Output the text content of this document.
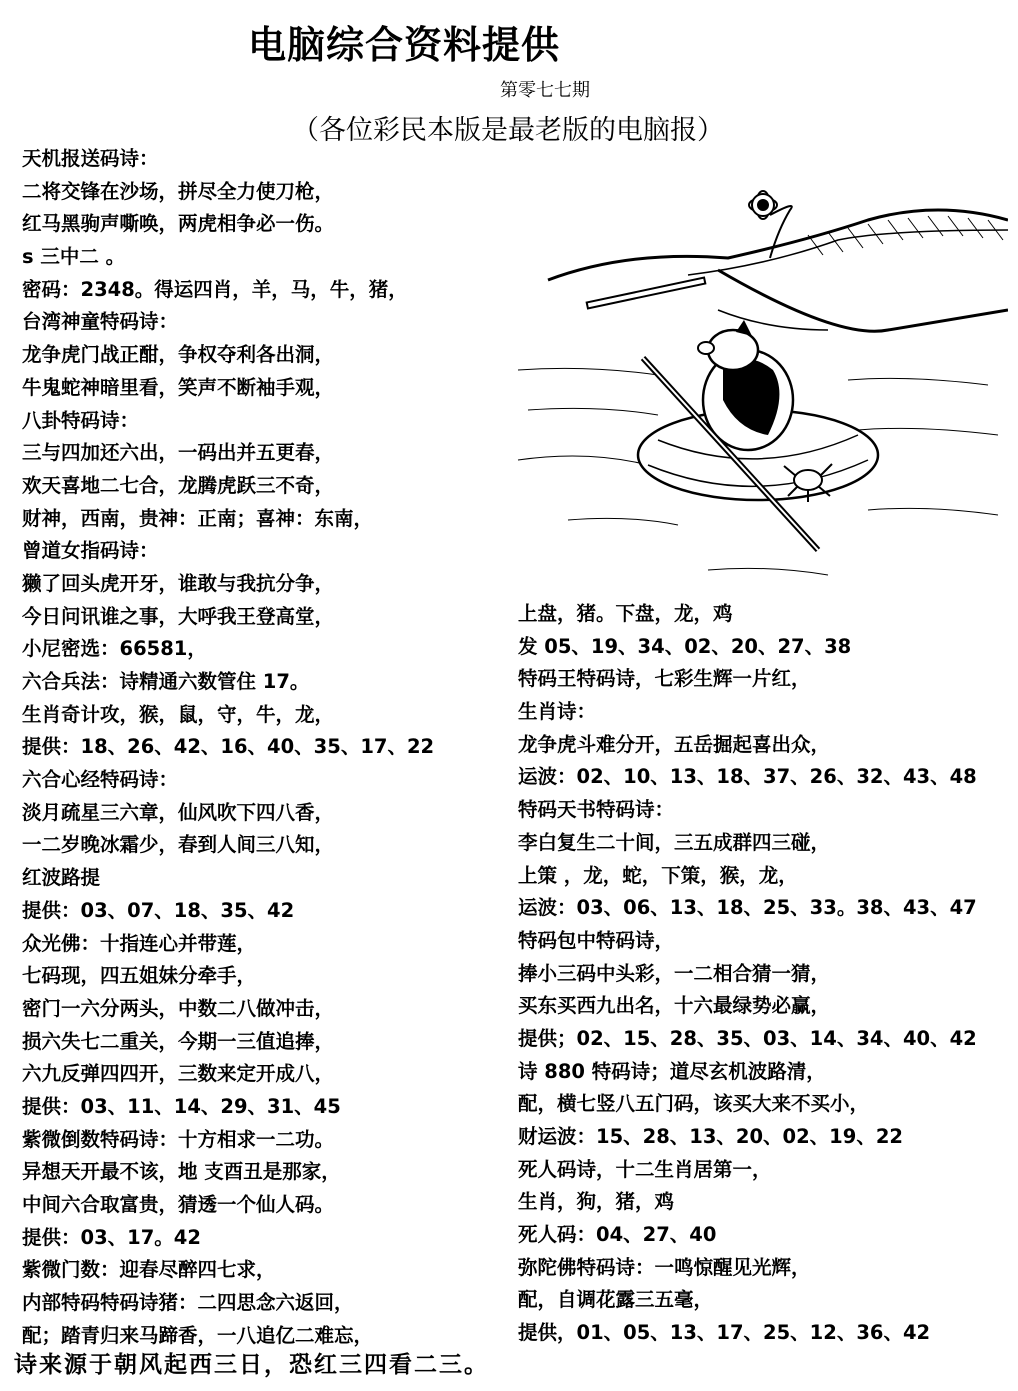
电脑综合资料提供
第零七七期
（各位彩民本版是最老版的电脑报）
天机报送码诗：
二将交锋在沙场，拼尽全力使刀枪，
红马黑驹声嘶唤，两虎相争必一伤。
s 三中二 。
密码：2348。得运四肖，羊，马，牛，猪，
台湾神童特码诗：
龙争虎门战正酣，争权夺利各出洞，
牛鬼蛇神暗里看，笑声不断袖手观，
八卦特码诗：
三与四加还六出，一码出并五更春，
欢天喜地二七合，龙腾虎跃三不奇，
财神，西南，贵神：正南；喜神：东南，
曾道女指码诗：
獭了回头虎开牙，谁敢与我抗分争，
今日问讯谁之事，大呼我王登高堂，
小尼密选：66581，
六合兵法：诗精通六数管住 17。
生肖奇计攻，猴，鼠，守，牛，龙，
提供：18、26、42、16、40、35、17、22
六合心经特码诗：
淡月疏星三六章，仙风吹下四八香，
一二岁晚冰霜少，春到人间三八知，
红波路提
提供：03、07、18、35、42
众光佛：十指连心并带莲，
七码现，四五姐妹分牵手，
密门一六分两头，中数二八做冲击，
损六失七二重关，今期一三值追捧，
六九反弹四四开，三数来定开成八，
提供：03、11、14、29、31、45
紫微倒数特码诗：十方相求一二功。
异想天开最不该，地 支酉丑是那家，
中间六合取富贵，猜透一个仙人码。
提供：03、17。42
紫微门数：迎春尽醉四七求，
内部特码特码诗猪：二四思念六返回，
配；踏青归来马蹄香，一八追亿二难忘，
上盘，猪。下盘，龙，鸡
发 05、19、34、02、20、27、38
特码王特码诗，七彩生辉一片红，
生肖诗：
龙争虎斗难分开，五岳掘起喜出众，
运波：02、10、13、18、37、26、32、43、48
特码天书特码诗：
李白复生二十间，三五成群四三碰，
上策 ，龙，蛇，下策，猴，龙，
运波：03、06、13、18、25、33。38、43、47
特码包中特码诗，
捧小三码中头彩，一二相合猜一猜，
买东买西九出名，十六最绿势必赢，
提供；02、15、28、35、03、14、34、40、42
诗 880 特码诗；道尽玄机波路清，
配，横七竖八五门码，该买大来不买小，
财运波：15、28、13、20、02、19、22
死人码诗，十二生肖居第一，
生肖，狗，猪，鸡
死人码：04、27、40
弥陀佛特码诗：一鸣惊醒见光辉，
配，自调花露三五毫，
提供，01、05、13、17、25、12、36、42
诗来源于朝风起西三日，恐红三四看二三。
